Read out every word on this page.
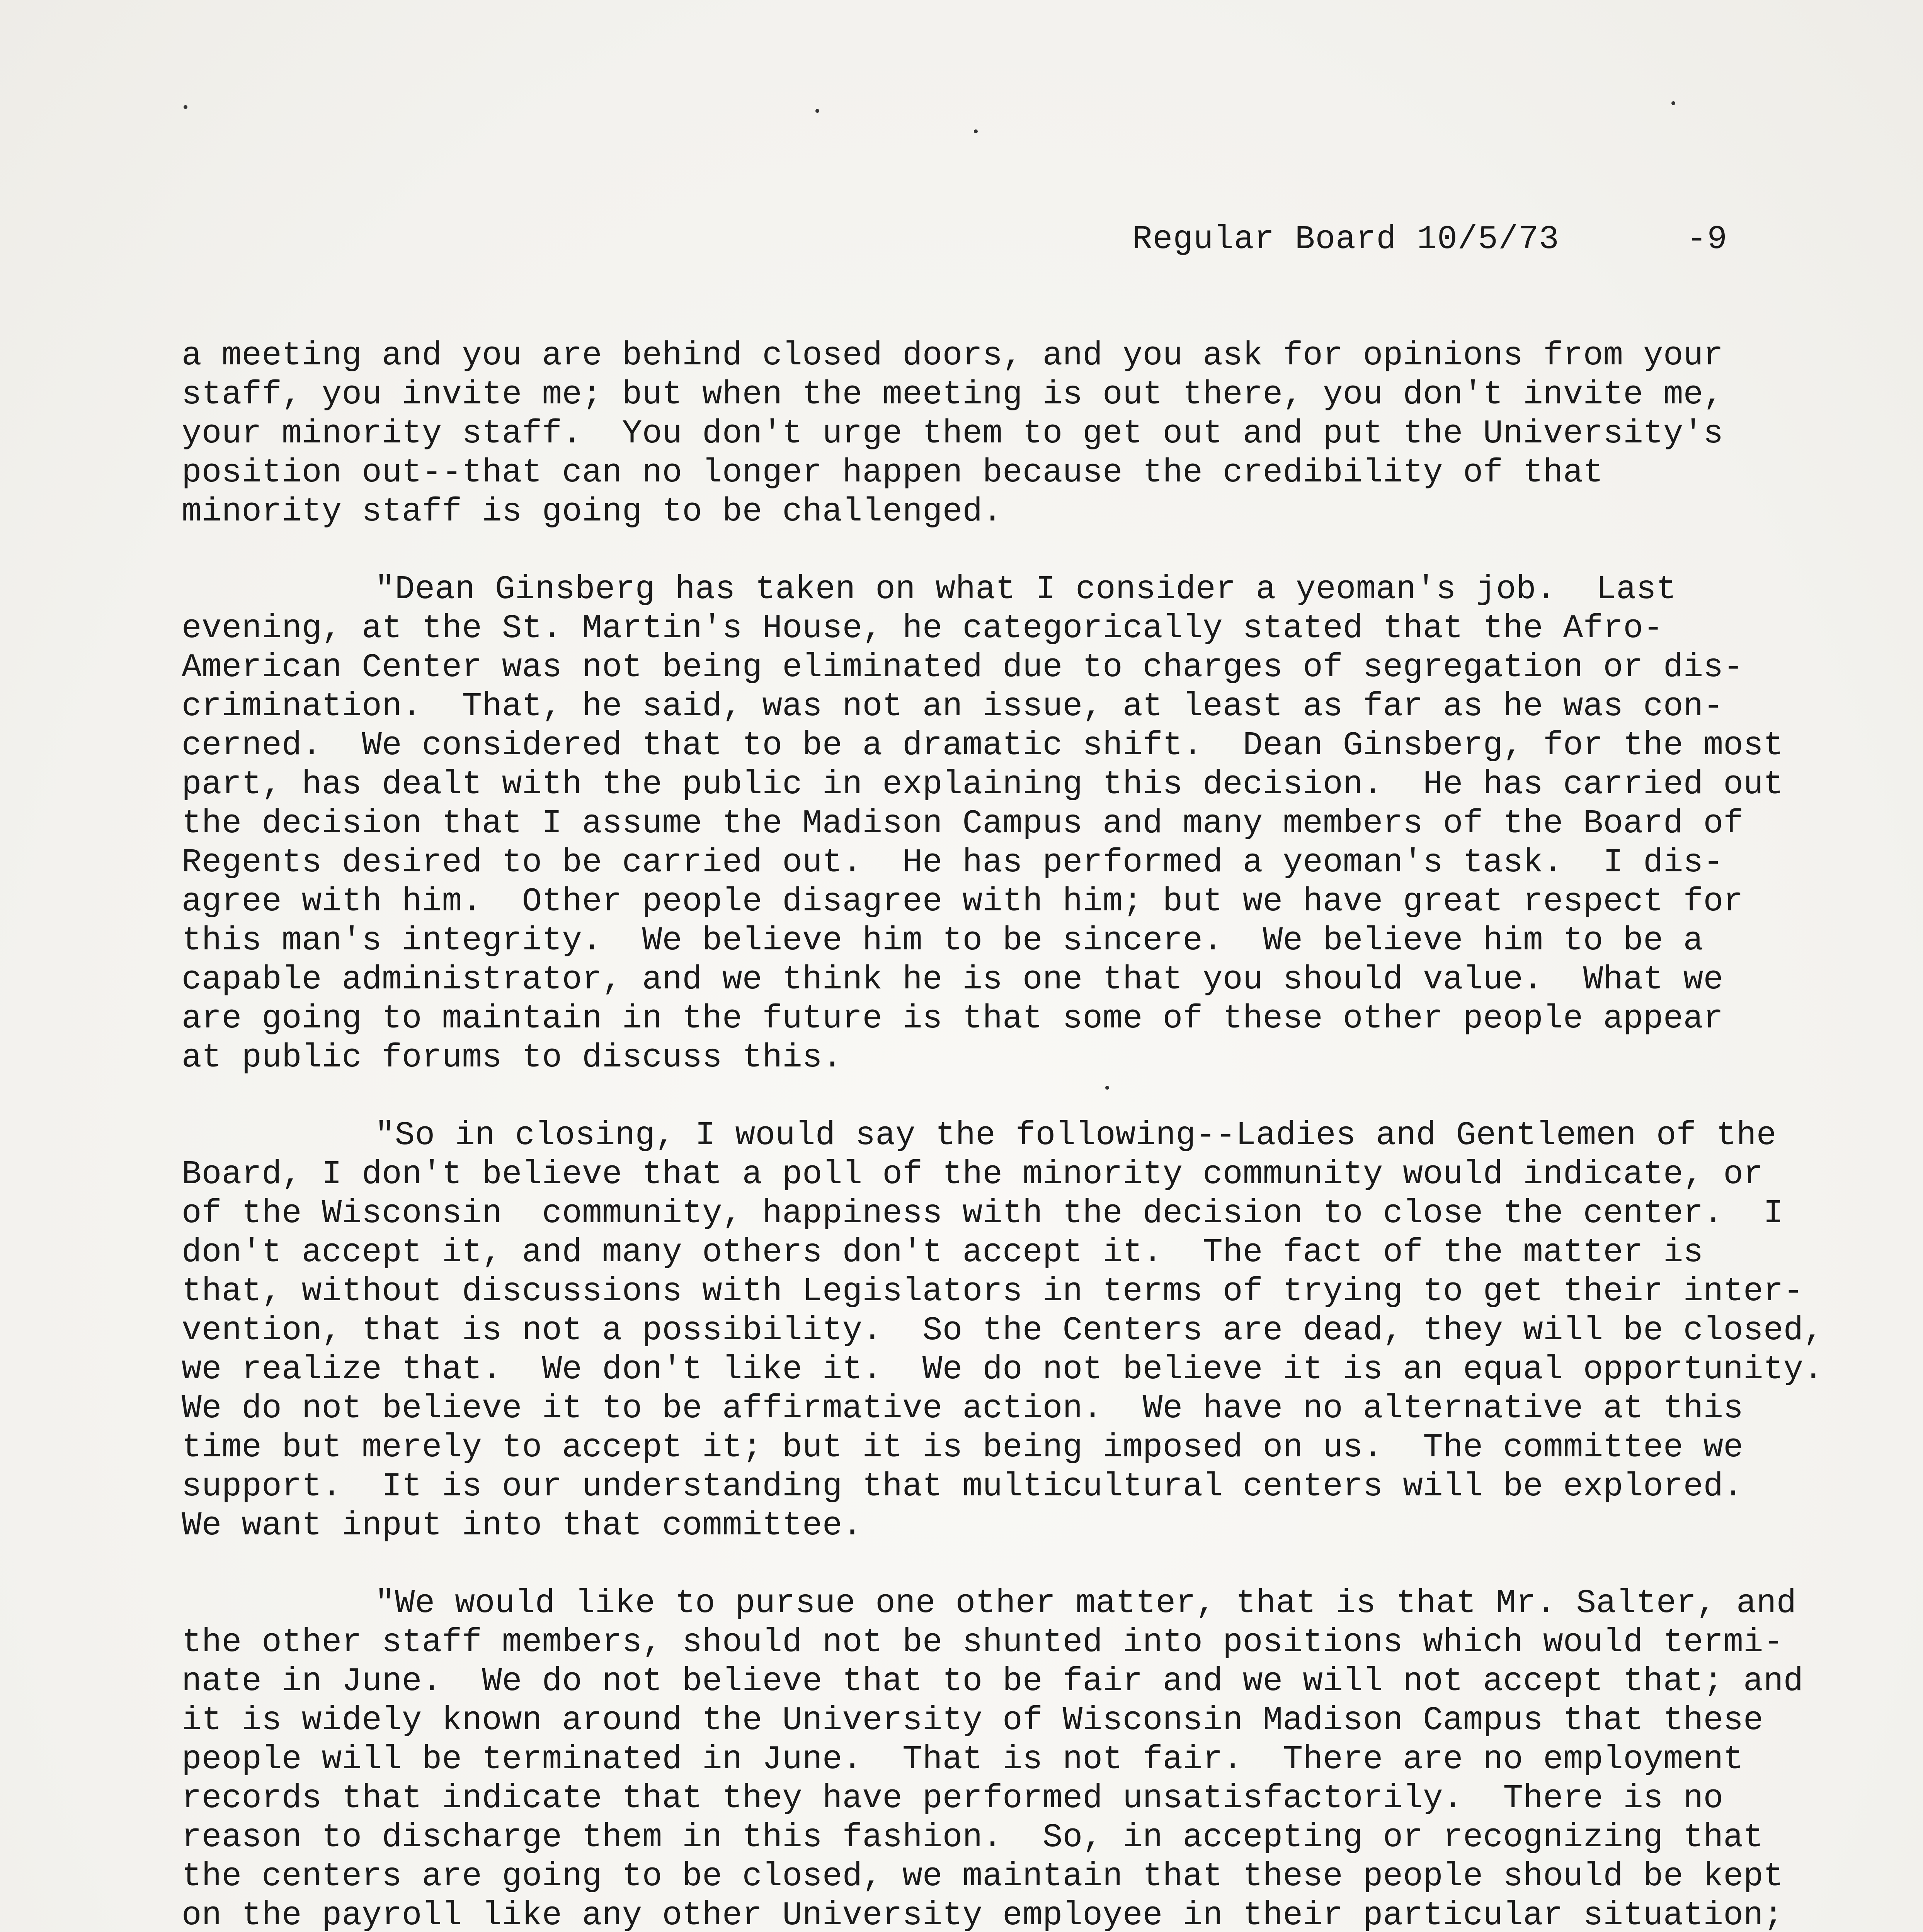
Regular Board 10/5/73	-9
a meeting and you are behind closed doors, and you ask for opinions from your
staff, you invite me; but when the meeting is out there, you don't invite me,
your minority staff.  You don't urge them to get out and put the University's
position out--that can no longer happen because the credibility of that
minority staff is going to be challenged.
"Dean Ginsberg has taken on what I consider a yeoman's job.  Last
evening, at the St. Martin's House, he categorically stated that the Afro-
American Center was not being eliminated due to charges of segregation or dis-
crimination.  That, he said, was not an issue, at least as far as he was con-
cerned.  We considered that to be a dramatic shift.  Dean Ginsberg, for the most
part, has dealt with the public in explaining this decision.  He has carried out
the decision that I assume the Madison Campus and many members of the Board of
Regents desired to be carried out.  He has performed a yeoman's task.  I dis-
agree with him.  Other people disagree with him; but we have great respect for
this man's integrity.  We believe him to be sincere.  We believe him to be a
capable administrator, and we think he is one that you should value.  What we
are going to maintain in the future is that some of these other people appear
at public forums to discuss this.
"So in closing, I would say the following--Ladies and Gentlemen of the
Board, I don't believe that a poll of the minority community would indicate, or
of the Wisconsin  community, happiness with the decision to close the center.  I
don't accept it, and many others don't accept it.  The fact of the matter is
that, without discussions with Legislators in terms of trying to get their inter-
vention, that is not a possibility.  So the Centers are dead, they will be closed,
we realize that.  We don't like it.  We do not believe it is an equal opportunity.
We do not believe it to be affirmative action.  We have no alternative at this
time but merely to accept it; but it is being imposed on us.  The committee we
support.  It is our understanding that multicultural centers will be explored.
We want input into that committee.
"We would like to pursue one other matter, that is that Mr. Salter, and
the other staff members, should not be shunted into positions which would termi-
nate in June.  We do not believe that to be fair and we will not accept that; and
it is widely known around the University of Wisconsin Madison Campus that these
people will be terminated in June.  That is not fair.  There are no employment
records that indicate that they have performed unsatisfactorily.  There is no
reason to discharge them in this fashion.  So, in accepting or recognizing that
the centers are going to be closed, we maintain that these people should be kept
on the payroll like any other University employee in their particular situation;
